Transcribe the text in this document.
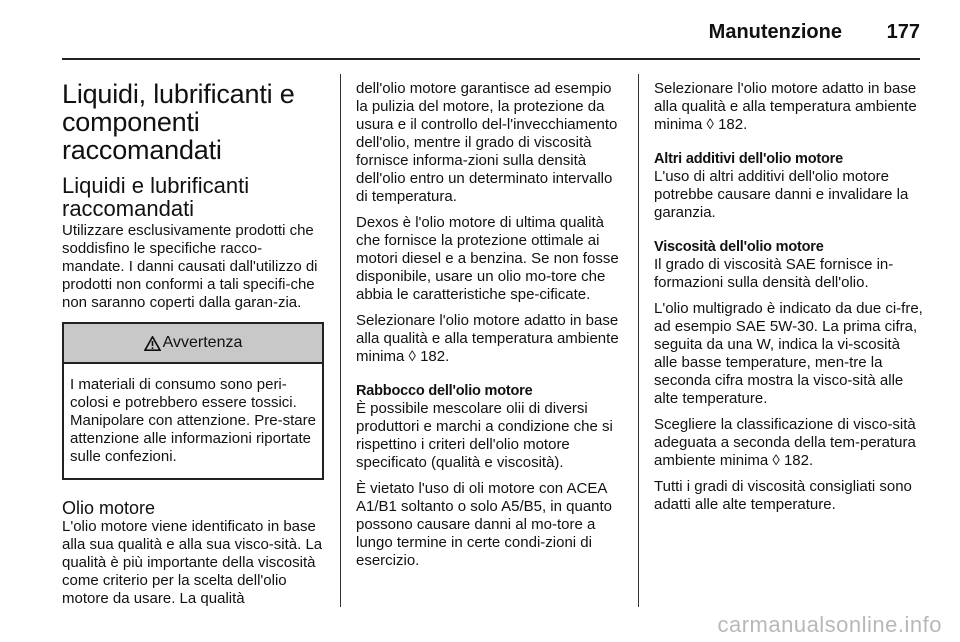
Manutenzione 177
Liquidi, lubrificanti e componenti raccomandati
Liquidi e lubrificanti raccomandati
Utilizzare esclusivamente prodotti che soddisfino le specifiche racco-mandate. I danni causati dall'utilizzo di prodotti non conformi a tali specifi-che non saranno coperti dalla garan-zia.
Avvertenza
I materiali di consumo sono peri-colosi e potrebbero essere tossici. Manipolare con attenzione. Pre-stare attenzione alle informazioni riportate sulle confezioni.
Olio motore
L'olio motore viene identificato in base alla sua qualità e alla sua visco-sità. La qualità è più importante della viscosità come criterio per la scelta dell'olio motore da usare. La qualità
dell'olio motore garantisce ad esempio la pulizia del motore, la protezione da usura e il controllo del-l'invecchiamento dell'olio, mentre il grado di viscosità fornisce informa-zioni sulla densità dell'olio entro un determinato intervallo di temperatura.
Dexos è l'olio motore di ultima qualità che fornisce la protezione ottimale ai motori diesel e a benzina. Se non fosse disponibile, usare un olio mo-tore che abbia le caratteristiche spe-cificate.
Selezionare l'olio motore adatto in base alla qualità e alla temperatura ambiente minima ◊ 182.
Rabbocco dell'olio motore
È possibile mescolare olii di diversi produttori e marchi a condizione che si rispettino i criteri dell'olio motore specificato (qualità e viscosità).
È vietato l'uso di oli motore con ACEA A1/B1 soltanto o solo A5/B5, in quanto possono causare danni al mo-tore a lungo termine in certe condi-zioni di esercizio.
Selezionare l'olio motore adatto in base alla qualità e alla temperatura ambiente minima ◊ 182.
Altri additivi dell'olio motore
L'uso di altri additivi dell'olio motore potrebbe causare danni e invalidare la garanzia.
Viscosità dell'olio motore
Il grado di viscosità SAE fornisce in-formazioni sulla densità dell'olio.
L'olio multigrado è indicato da due ci-fre, ad esempio SAE 5W-30. La prima cifra, seguita da una W, indica la vi-scosità alle basse temperature, men-tre la seconda cifra mostra la visco-sità alle alte temperature.
Scegliere la classificazione di visco-sità adeguata a seconda della tem-peratura ambiente minima ◊ 182.
Tutti i gradi di viscosità consigliati sono adatti alle alte temperature.
carmanualsonline.info
